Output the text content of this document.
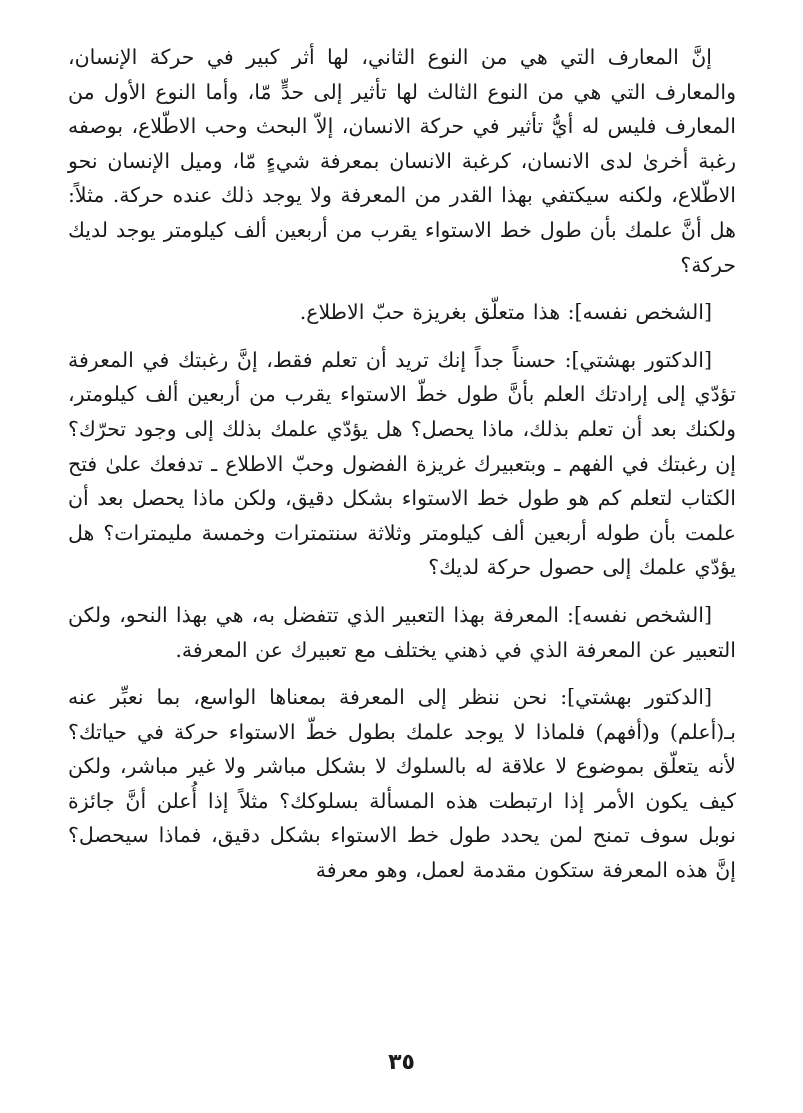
إنَّ المعارف التي هي من النوع الثاني، لها أثر كبير في حركة الإنسان، والمعارف التي هي من النوع الثالث لها تأثير إلى حدٍّ مّا، وأما النوع الأول من المعارف فليس له أيُّ تأثير في حركة الانسان، إلاّ البحث وحب الاطّلاع، بوصفه رغبة أخرىٰ لدى الانسان، كرغبة الانسان بمعرفة شيءٍ مّا، وميل الإنسان نحو الاطّلاع، ولكنه سيكتفي بهذا القدر من المعرفة ولا يوجد ذلك عنده حركة. مثلاً: هل أنَّ علمك بأن طول خط الاستواء يقرب من أربعين ألف كيلومتر يوجد لديك حركة؟

[الشخص نفسه]: هذا متعلّق بغريزة حبّ الاطلاع.

[الدكتور بهشتي]: حسناً جداً إنك تريد أن تعلم فقط، إنَّ رغبتك في المعرفة تؤدّي إلى إرادتك العلم بأنَّ طول خطّ الاستواء يقرب من أربعين ألف كيلومتر، ولكنك بعد أن تعلم بذلك، ماذا يحصل؟ هل يؤدّي علمك بذلك إلى وجود تحرّك؟ إن رغبتك في الفهم ـ وبتعبيرك غريزة الفضول وحبّ الاطلاع ـ تدفعك علىٰ فتح الكتاب لتعلم كم هو طول خط الاستواء بشكل دقيق، ولكن ماذا يحصل بعد أن علمت بأن طوله أربعين ألف كيلومتر وثلاثة سنتمترات وخمسة مليمترات؟ هل يؤدّي علمك إلى حصول حركة لديك؟

[الشخص نفسه]: المعرفة بهذا التعبير الذي تتفضل به، هي بهذا النحو، ولكن التعبير عن المعرفة الذي في ذهني يختلف مع تعبيرك عن المعرفة.

[الدكتور بهشتي]: نحن ننظر إلى المعرفة بمعناها الواسع، بما نعبِّر عنه بـ(أعلم) و(أفهم) فلماذا لا يوجد علمك بطول خطّ الاستواء حركة في حياتك؟ لأنه يتعلّق بموضوع لا علاقة له بالسلوك لا بشكل مباشر ولا غير مباشر، ولكن كيف يكون الأمر إذا ارتبطت هذه المسألة بسلوكك؟ مثلاً إذا أُعلن أنَّ جائزة نوبل سوف تمنح لمن يحدد طول خط الاستواء بشكل دقيق، فماذا سيحصل؟ إنَّ هذه المعرفة ستكون مقدمة لعمل، وهو معرفة

٣٥
